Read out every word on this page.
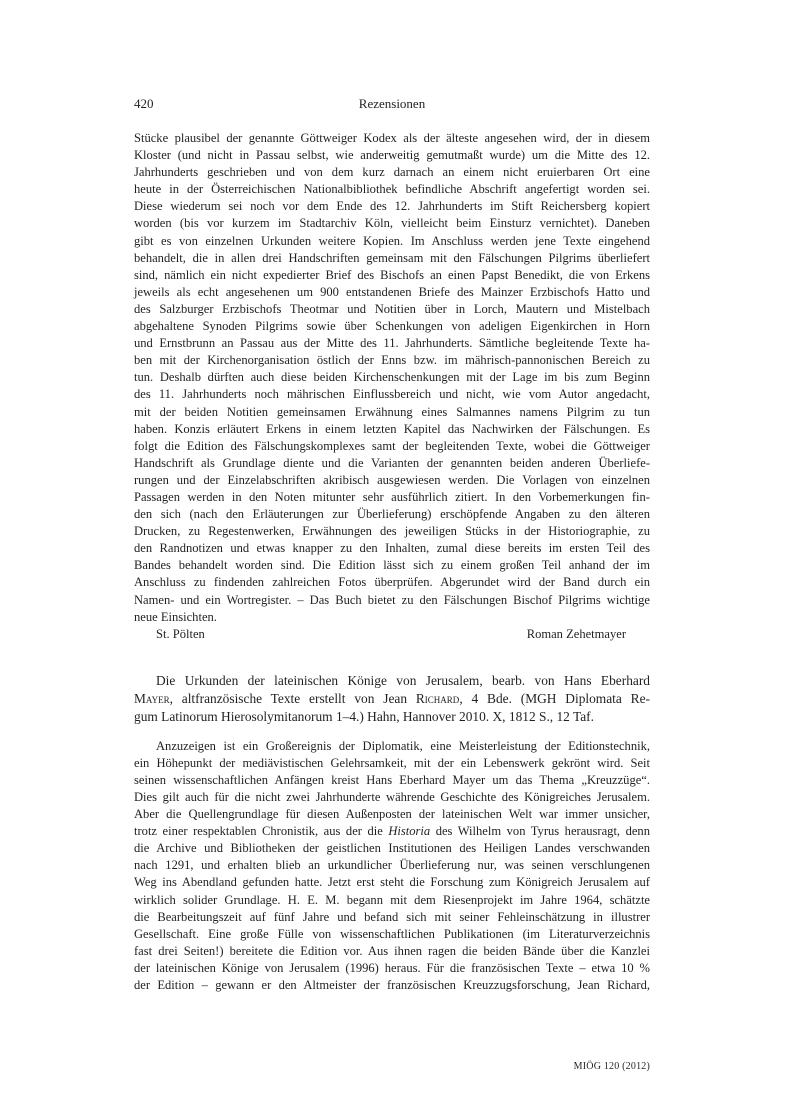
420	Rezensionen
Stücke plausibel der genannte Göttweiger Kodex als der älteste angesehen wird, der in diesem
Kloster (und nicht in Passau selbst, wie anderweitig gemutmaßt wurde) um die Mitte des 12.
Jahrhunderts geschrieben und von dem kurz darnach an einem nicht eruierbaren Ort eine
heute in der Österreichischen Nationalbibliothek befindliche Abschrift angefertigt worden sei.
Diese wiederum sei noch vor dem Ende des 12. Jahrhunderts im Stift Reichersberg kopiert
worden (bis vor kurzem im Stadtarchiv Köln, vielleicht beim Einsturz vernichtet). Daneben
gibt es von einzelnen Urkunden weitere Kopien. Im Anschluss werden jene Texte eingehend
behandelt, die in allen drei Handschriften gemeinsam mit den Fälschungen Pilgrims überliefert
sind, nämlich ein nicht expedierter Brief des Bischofs an einen Papst Benedikt, die von Erkens
jeweils als echt angesehenen um 900 entstandenen Briefe des Mainzer Erzbischofs Hatto und
des Salzburger Erzbischofs Theotmar und Notitien über in Lorch, Mautern und Mistelbach
abgehaltene Synoden Pilgrims sowie über Schenkungen von adeligen Eigenkirchen in Horn
und Ernstbrunn an Passau aus der Mitte des 11. Jahrhunderts. Sämtliche begleitende Texte ha-
ben mit der Kirchenorganisation östlich der Enns bzw. im mährisch-pannonischen Bereich zu
tun. Deshalb dürften auch diese beiden Kirchenschenkungen mit der Lage im bis zum Beginn
des 11. Jahrhunderts noch mährischen Einflussbereich und nicht, wie vom Autor angedacht,
mit der beiden Notitien gemeinsamen Erwähnung eines Salmannes namens Pilgrim zu tun
haben. Konzis erläutert Erkens in einem letzten Kapitel das Nachwirken der Fälschungen. Es
folgt die Edition des Fälschungskomplexes samt der begleitenden Texte, wobei die Göttweiger
Handschrift als Grundlage diente und die Varianten der genannten beiden anderen Überliefe-
rungen und der Einzelabschriften akribisch ausgewiesen werden. Die Vorlagen von einzelnen
Passagen werden in den Noten mitunter sehr ausführlich zitiert. In den Vorbemerkungen fin-
den sich (nach den Erläuterungen zur Überlieferung) erschöpfende Angaben zu den älteren
Drucken, zu Regestenwerken, Erwähnungen des jeweiligen Stücks in der Historiographie, zu
den Randnotizen und etwas knapper zu den Inhalten, zumal diese bereits im ersten Teil des
Bandes behandelt worden sind. Die Edition lässt sich zu einem großen Teil anhand der im
Anschluss zu findenden zahlreichen Fotos überprüfen. Abgerundet wird der Band durch ein
Namen- und ein Wortregister. – Das Buch bietet zu den Fälschungen Bischof Pilgrims wichtige
neue Einsichten.
St. Pölten	Roman Zehetmayer
Die Urkunden der lateinischen Könige von Jerusalem, bearb. von Hans Eberhard
Mayer, altfranzösische Texte erstellt von Jean Richard, 4 Bde. (MGH Diplomata Re-
gum Latinorum Hierosolymitanorum 1–4.) Hahn, Hannover 2010. X, 1812 S., 12 Taf.
Anzuzeigen ist ein Großereignis der Diplomatik, eine Meisterleistung der Editionstechnik,
ein Höhepunkt der mediävistischen Gelehrsamkeit, mit der ein Lebenswerk gekrönt wird. Seit
seinen wissenschaftlichen Anfängen kreist Hans Eberhard Mayer um das Thema „Kreuzzüge“.
Dies gilt auch für die nicht zwei Jahrhunderte währende Geschichte des Königreiches Jerusalem.
Aber die Quellengrundlage für diesen Außenposten der lateinischen Welt war immer unsicher,
trotz einer respektablen Chronistik, aus der die Historia des Wilhelm von Tyrus herausragt, denn
die Archive und Bibliotheken der geistlichen Institutionen des Heiligen Landes verschwanden
nach 1291, und erhalten blieb an urkundlicher Überlieferung nur, was seinen verschlungenen
Weg ins Abendland gefunden hatte. Jetzt erst steht die Forschung zum Königreich Jerusalem auf
wirklich solider Grundlage. H. E. M. begann mit dem Riesenprojekt im Jahre 1964, schätzte
die Bearbeitungszeit auf fünf Jahre und befand sich mit seiner Fehleinschätzung in illustrer
Gesellschaft. Eine große Fülle von wissenschaftlichen Publikationen (im Literaturverzeichnis
fast drei Seiten!) bereitete die Edition vor. Aus ihnen ragen die beiden Bände über die Kanzlei
der lateinischen Könige von Jerusalem (1996) heraus. Für die französischen Texte – etwa 10 %
der Edition – gewann er den Altmeister der französischen Kreuzzugsforschung, Jean Richard,
MIÖG 120 (2012)
